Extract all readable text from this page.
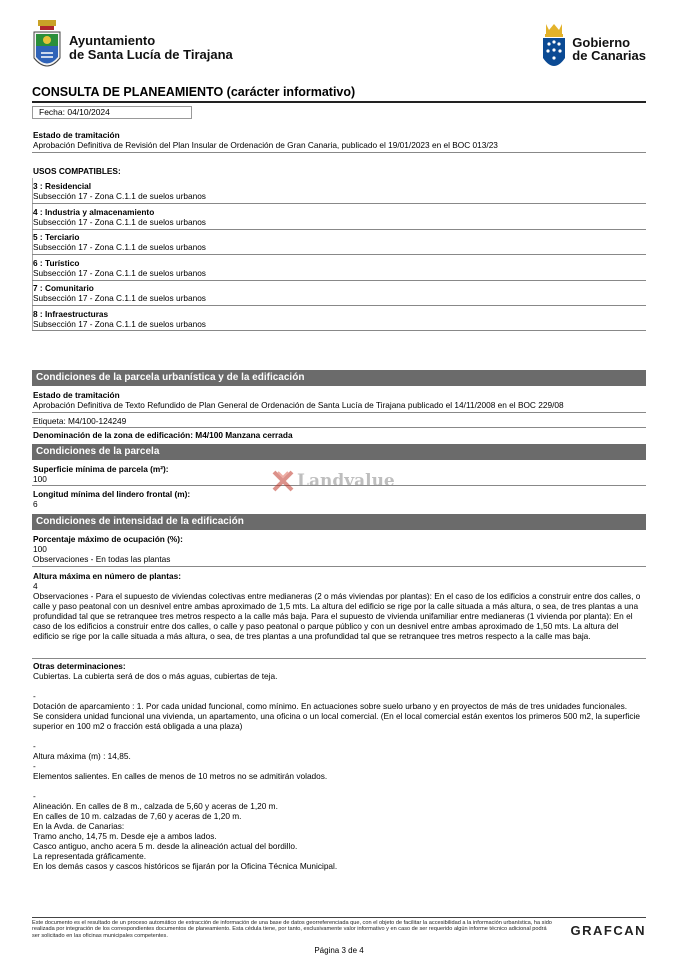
Ayuntamiento
de Santa Lucía de Tirajana
Gobierno
de Canarias
CONSULTA DE PLANEAMIENTO (carácter informativo)
Fecha: 04/10/2024
Estado de tramitación
Aprobación Definitiva de Revisión del Plan Insular de Ordenación de Gran Canaria, publicado el 19/01/2023 en el BOC 013/23
USOS COMPATIBLES:
3 : Residencial
Subsección 17 - Zona C.1.1 de suelos urbanos
4 : Industria y almacenamiento
Subsección 17 - Zona C.1.1 de suelos urbanos
5 : Terciario
Subsección 17 - Zona C.1.1 de suelos urbanos
6 : Turístico
Subsección 17 - Zona C.1.1 de suelos urbanos
7 : Comunitario
Subsección 17 - Zona C.1.1 de suelos urbanos
8 : Infraestructuras
Subsección 17 - Zona C.1.1 de suelos urbanos
Condiciones de la parcela urbanística y de la edificación
Estado de tramitación
Aprobación Definitiva de Texto Refundido de Plan General de Ordenación de Santa Lucía de Tirajana publicado el 14/11/2008 en el BOC 229/08
Etiqueta: M4/100-124249
Denominación de la zona de edificación: M4/100 Manzana cerrada
Condiciones de la parcela
Superficie mínima de parcela (m²):
100
Longitud mínima del lindero frontal (m):
6
Landvalue
Condiciones de intensidad de la edificación
Porcentaje máximo de ocupación (%):
100
Observaciones - En todas las plantas
Altura máxima en número de plantas:
4
Observaciones - Para el supuesto de viviendas colectivas entre medianeras (2 o más viviendas por plantas): En el caso de los edificios a construir entre dos calles, o calle y paso peatonal con un desnivel entre ambas aproximado de 1,5 mts. La altura del edificio se rige por la calle situada a más altura, o sea, de tres plantas a una profundidad tal que se retranquee tres metros respecto a la calle más baja. Para el supuesto de vivienda unifamiliar entre medianeras (1 vivienda por planta): En el caso de los edificios a construir entre dos calles, o calle y paso peatonal o parque público y con un desnivel entre ambas aproximado de 1,50 mts. La altura del edificio se rige por la calle situada a más altura, o sea, de tres plantas a una profundidad tal que se retranquee tres metros respecto a la calle mas baja.
Otras determinaciones:
Cubiertas. La cubierta será de dos o más aguas, cubiertas de teja.
-
Dotación de aparcamiento : 1. Por cada unidad funcional, como mínimo. En actuaciones sobre suelo urbano y en proyectos de más de tres unidades funcionales.
Se considera unidad funcional una vivienda, un apartamento, una oficina o un local comercial. (En el local comercial están exentos los primeros 500 m2, la superficie superior en 100 m2 o fracción está obligada a una plaza)
-
Altura máxima (m) : 14,85.
-
Elementos salientes. En calles de menos de 10 metros no se admitirán volados.
-
Alineación. En calles de 8 m., calzada de 5,60 y aceras de 1,20 m.
En calles de 10 m. calzadas de 7,60 y aceras de 1,20 m.
En la Avda. de Canarias:
Tramo ancho, 14,75 m. Desde eje a ambos lados.
Casco antiguo, ancho acera 5 m. desde la alineación actual del bordillo.
La representada gráficamente.
En los demás casos y cascos históricos se fijarán por la Oficina Técnica Municipal.
Este documento es el resultado de un proceso automático de extracción de información de una base de datos georreferenciada que, con el objeto de facilitar la accesibilidad a la información urbanística, ha sido realizada por integración de los correspondientes documentos de planeamiento. Esta cédula tiene, por tanto, exclusivamente valor informativo y en caso de ser requerido algún informe técnico adicional podrá ser solicitado en las oficinas municipales competentes.	GRAFCAN
Página 3 de 4
